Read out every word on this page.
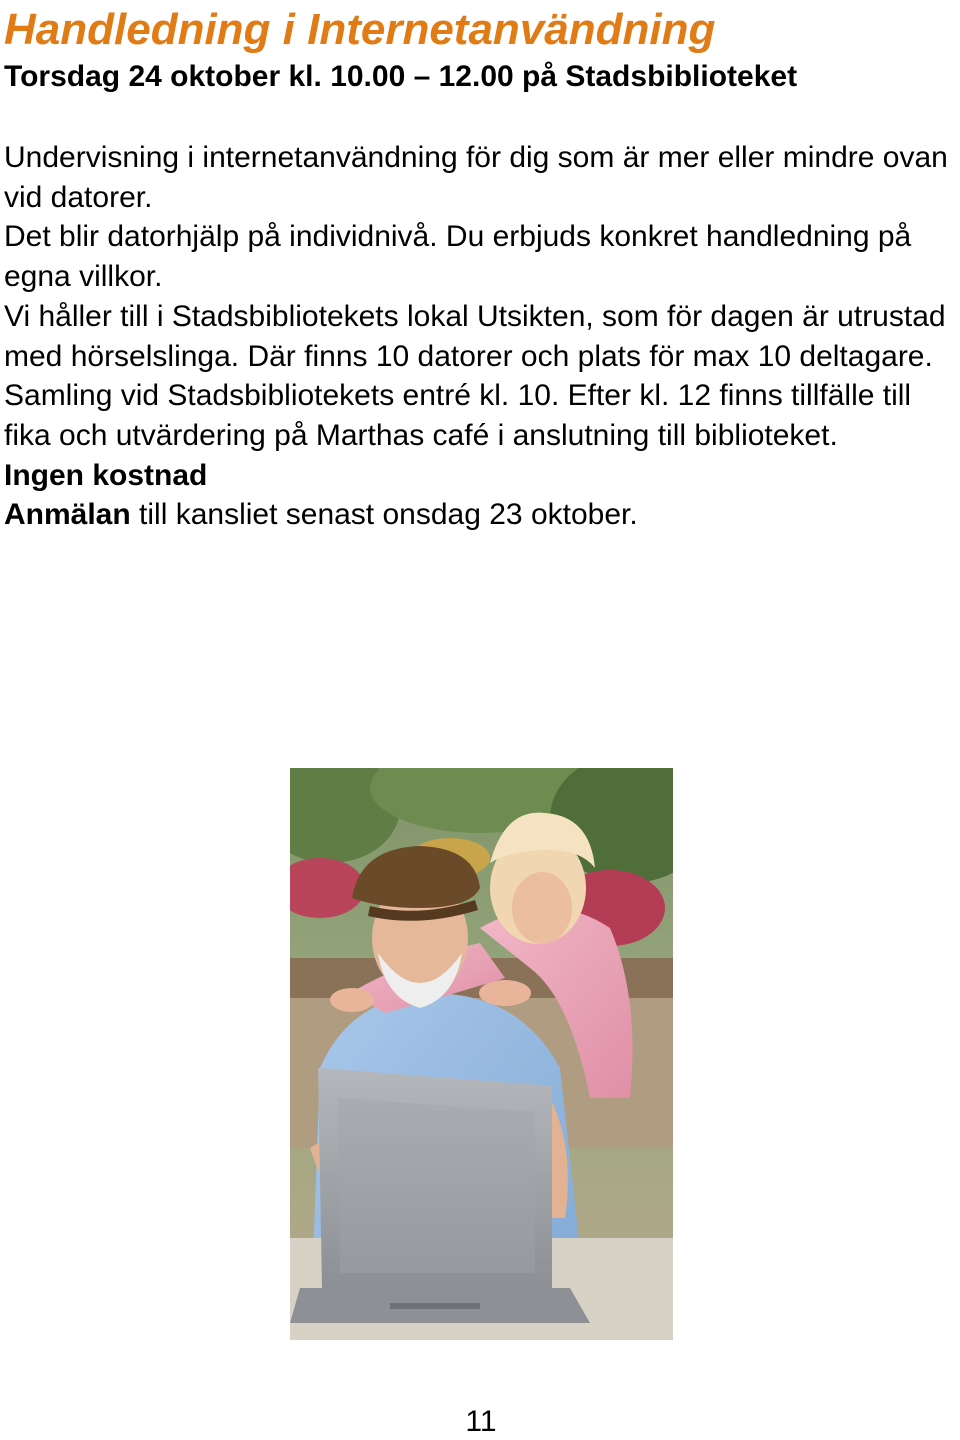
Handledning i Internetanvändning
Torsdag 24 oktober kl. 10.00 – 12.00 på Stadsbiblioteket

Undervisning i internetanvändning för dig som är mer eller mindre ovan vid datorer.

Det blir datorhjälp på individnivå. Du erbjuds konkret handledning på egna villkor.

Vi håller till i Stadsbibliotekets lokal Utsikten, som för dagen är utrustad med hörselslinga. Där finns 10 datorer och plats för max 10 deltagare.

Samling vid Stadsbibliotekets entré kl. 10. Efter kl. 12 finns tillfälle till fika och utvärdering på Marthas café i anslutning till biblioteket.

Ingen kostnad

Anmälan till kansliet senast onsdag 23 oktober.

11
